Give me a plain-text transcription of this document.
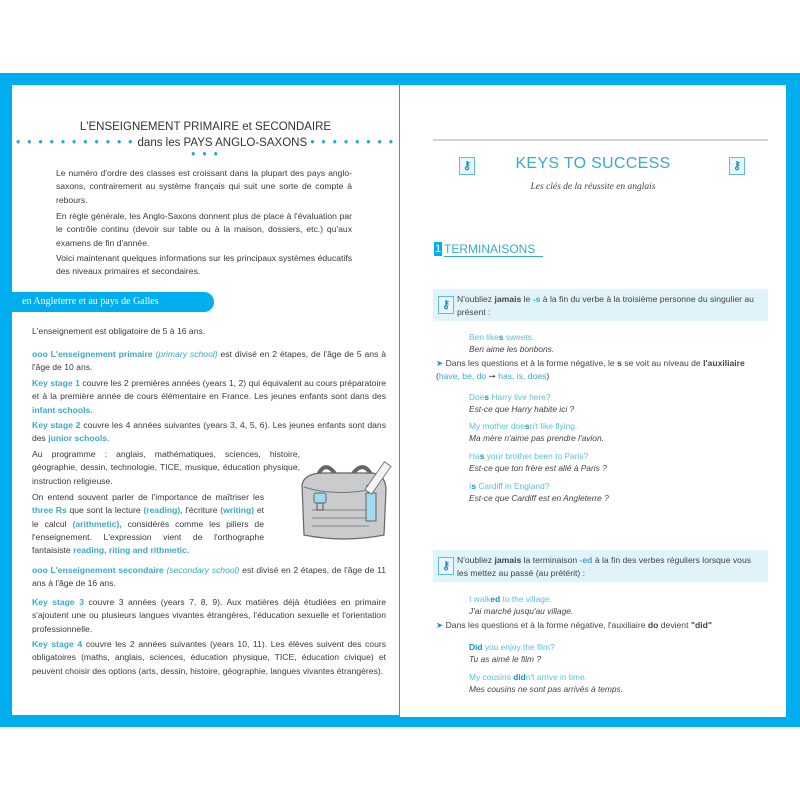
L'ENSEIGNEMENT PRIMAIRE et SECONDAIRE
• • • • • • • • • • • dans les PAYS ANGLO-SAXONS • • • • • • • • • • •
Le numéro d'ordre des classes est croissant dans la plupart des pays anglo-saxons, contrairement au système français qui suit une sorte de compte à rebours.
En règle générale, les Anglo-Saxons donnent plus de place à l'évaluation par le contrôle continu (devoir sur table ou à la maison, dossiers, etc.) qu'aux examens de fin d'année.
Voici maintenant quelques informations sur les principaux systèmes éducatifs des niveaux primaires et secondaires.
en Angleterre et au pays de Galles
L'enseignement est obligatoire de 5 à 16 ans.
ooo L'enseignement primaire (primary school) est divisé en 2 étapes, de l'âge de 5 ans à l'âge de 10 ans.
Key stage 1 couvre les 2 premières années (years 1, 2) qui équivalent au cours préparatoire et à la première année de cours élémentaire en France. Les jeunes enfants sont dans des infant schools.
Key stage 2 couvre les 4 années suivantes (years 3, 4, 5, 6). Les jeunes enfants sont dans des junior schools.
Au programme : anglais, mathématiques, sciences, histoire, géographie, dessin, technologie, TICE, musique, éducation physique, instruction religieuse.
On entend souvent parler de l'importance de maîtriser les three Rs que sont la lecture (reading), l'écriture (writing) et le calcul (arithmetic), considérés comme les piliers de l'enseignement. L'expression vient de l'orthographe fantaisiste reading, riting and rithmetic.
ooo L'enseignement secondaire (secondary school) est divisé en 2 étapes, de l'âge de 11 ans à l'âge de 16 ans.
Key stage 3 couvre 3 années (years 7, 8, 9). Aux matières déjà étudiées en primaire s'ajoutent une ou plusieurs langues vivantes étrangères, l'éducation sexuelle et l'orientation professionnelle.
Key stage 4 couvre les 2 années suivantes (years 10, 11). Les élèves suivent des cours obligatoires (maths, anglais, sciences, éducation physique, TICE, éducation civique) et peuvent choisir des options (arts, dessin, histoire, géographie, langues vivantes étrangères).
⚷	KEYS TO SUCCESS	⚷
Les clés de la réussite en anglais
1 TERMINAISONS
⚷ N'oubliez jamais le -s à la fin du verbe à la troisième personne du singulier au présent :
Ben likes sweets.
Ben aime les bonbons.
➤ Dans les questions et à la forme négative, le s se voit au niveau de l'auxiliaire (have, be, do ➞ has, is, does)
Does Harry live here?
Est-ce que Harry habite ici ?
My mother doesn't like flying.
Ma mère n'aime pas prendre l'avion.
Has your brother been to Paris?
Est-ce que ton frère est allé à Paris ?
Is Cardiff in England?
Est-ce que Cardiff est en Angleterre ?
⚷ N'oubliez jamais la terminaison -ed à la fin des verbes réguliers lorsque vous les mettez au passé (au prétérit) :
I walked to the village.
J'ai marché jusqu'au village.
➤ Dans les questions et à la forme négative, l'auxiliaire do devient "did"
Did you enjoy the film?
Tu as aimé le film ?
My cousins didn't arrive in time.
Mes cousins ne sont pas arrivés à temps.
